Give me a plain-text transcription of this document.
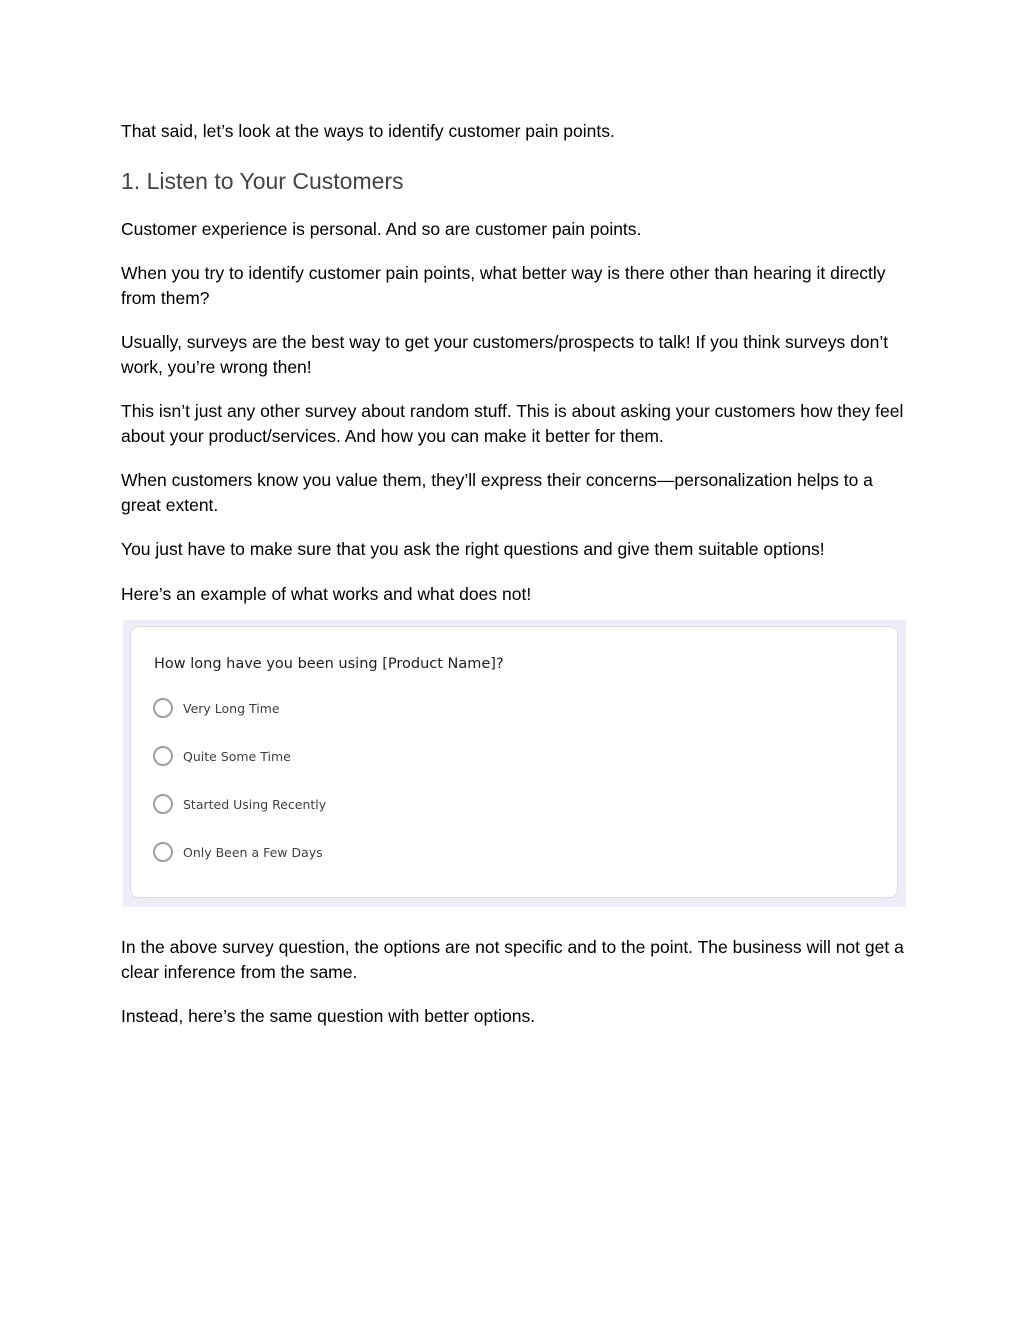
That said, let’s look at the ways to identify customer pain points.

1. Listen to Your Customers

Customer experience is personal. And so are customer pain points.

When you try to identify customer pain points, what better way is there other than hearing it directly from them?

Usually, surveys are the best way to get your customers/prospects to talk! If you think surveys don’t work, you’re wrong then!

This isn’t just any other survey about random stuff. This is about asking your customers how they feel about your product/services. And how you can make it better for them.

When customers know you value them, they’ll express their concerns—personalization helps to a great extent.

You just have to make sure that you ask the right questions and give them suitable options!

Here’s an example of what works and what does not!

How long have you been using [Product Name]?

Very Long Time
Quite Some Time
Started Using Recently
Only Been a Few Days

In the above survey question, the options are not specific and to the point. The business will not get a clear inference from the same.

Instead, here’s the same question with better options.
